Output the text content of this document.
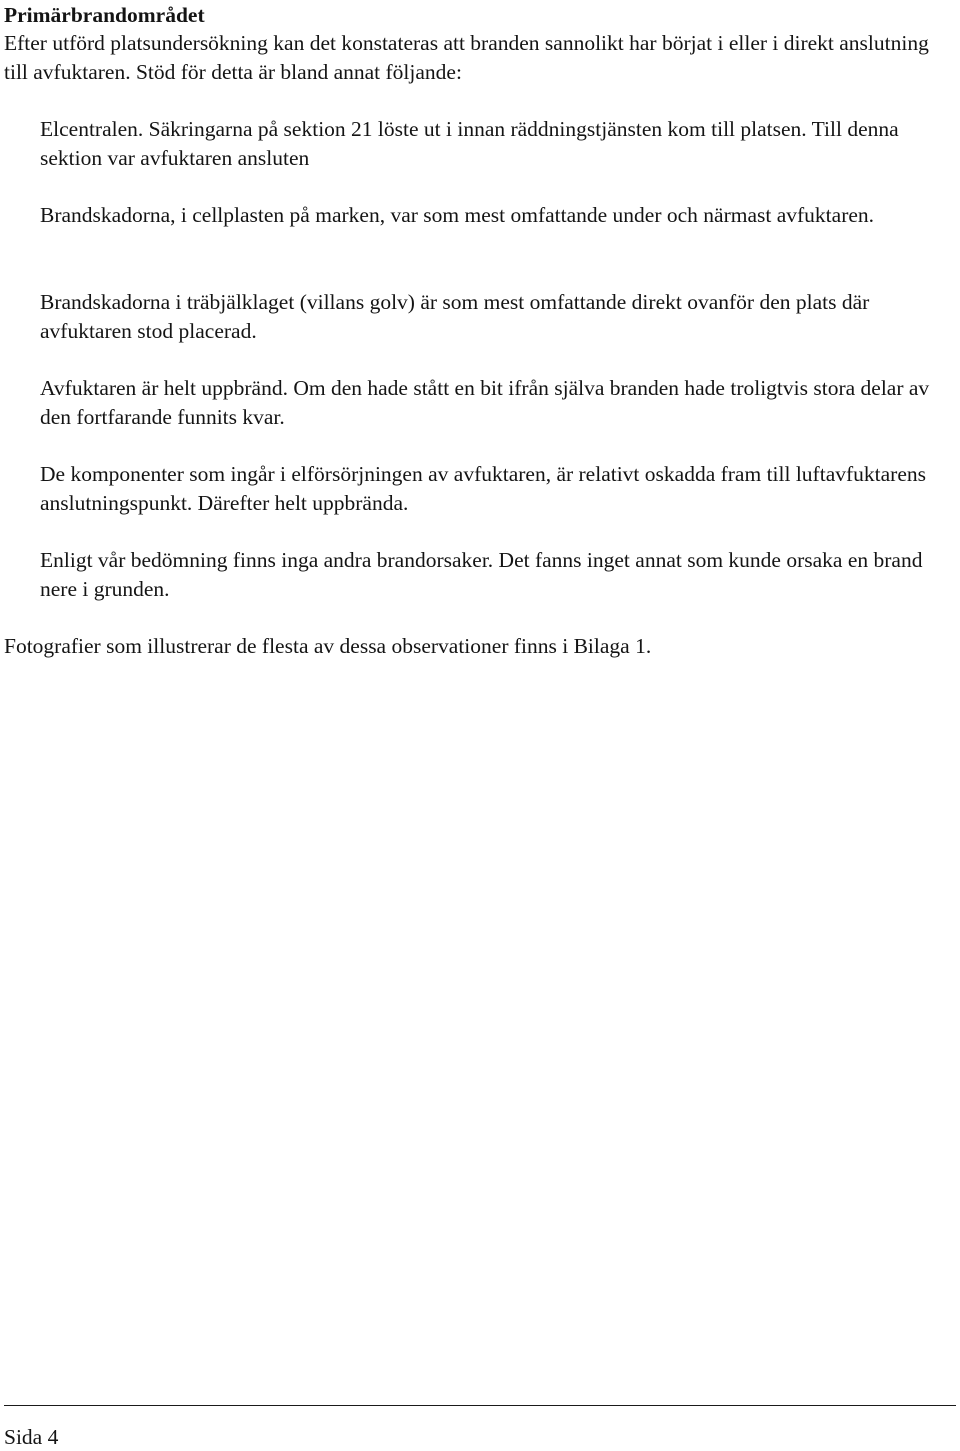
Primärbrandområdet

Efter utförd platsundersökning kan det konstateras att branden sannolikt har börjat i eller i direkt anslutning till avfuktaren. Stöd för detta är bland annat följande:

Elcentralen. Säkringarna på sektion 21 löste ut i innan räddningstjänsten kom till platsen. Till denna sektion var avfuktaren ansluten

Brandskadorna, i cellplasten på marken, var som mest omfattande under och närmast avfuktaren.

Brandskadorna i träbjälklaget (villans golv) är som mest omfattande direkt ovanför den plats där avfuktaren stod placerad.

Avfuktaren är helt uppbränd. Om den hade stått en bit ifrån själva branden hade troligtvis stora delar av den fortfarande funnits kvar.

De komponenter som ingår i elförsörjningen av avfuktaren, är relativt oskadda fram till luftavfuktarens anslutningspunkt. Därefter helt uppbrända.

Enligt vår bedömning finns inga andra brandorsaker. Det fanns inget annat som kunde orsaka en brand nere i grunden.

Fotografier som illustrerar de flesta av dessa observationer finns i Bilaga 1.

Sida 4
